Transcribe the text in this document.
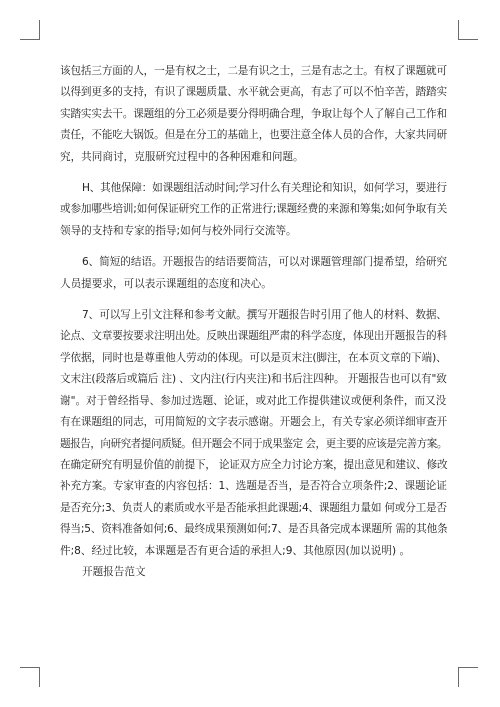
该包括三方面的人，一是有权之士，二是有识之士，三是有志之士。有权了课题就可
以得到更多的支持，有识了课题质量、水平就会更高，有志了可以不怕辛苦，踏踏实
实踏实实去干。课题组的分工必须是要分得明确合理，争取让每个人了解自己工作和
责任，不能吃大锅饭。但是在分工的基础上，也要注意全体人员的合作，大家共同研
究，共同商讨，克服研究过程中的各种困难和问题。

H、其他保障：如课题组活动时间;学习什么有关理论和知识，如何学习，要进行
或参加哪些培训;如何保证研究工作的正常进行;课题经费的来源和筹集;如何争取有关
领导的支持和专家的指导;如何与校外同行交流等。

6、简短的结语。开题报告的结语要简洁，可以对课题管理部门提希望，给研究
人员提要求，可以表示课题组的态度和决心。

7、可以写上引文注释和参考文献。撰写开题报告时引用了他人的材料、数据、
论点、文章要按要求注明出处。反映出课题组严肃的科学态度，体现出开题报告的科
学依据，同时也是尊重他人劳动的体现。可以是页末注(脚注，在本页文章的下端)、
文末注(段落后或篇后 注) 、文内注(行内夹注)和书后注四种。 开题报告也可以有"致
谢"。对于曾经指导、参加过选题、论证，或对此工作提供建议或便利条件，而又没
有在课题组的同志，可用简短的文字表示感谢。开题会上，有关专家必须详细审查开
题报告，向研究者提问质疑。但开题会不同于成果鉴定 会，更主要的应该是完善方案。
在确定研究有明显价值的前提下， 论证双方应全力讨论方案，提出意见和建议、修改
补充方案。专家审查的内容包括：1、选题是否当，是否符合立项条件;2、课题论证
是否充分;3、负责人的素质或水平是否能承担此课题;4、课题组力量如 何或分工是否
得当;5、资料准备如何;6、最终成果预测如何;7、是否具备完成本课题所 需的其他条
件;8、经过比较，本课题是否有更合适的承担人;9、其他原因(加以说明) 。

开题报告范文
